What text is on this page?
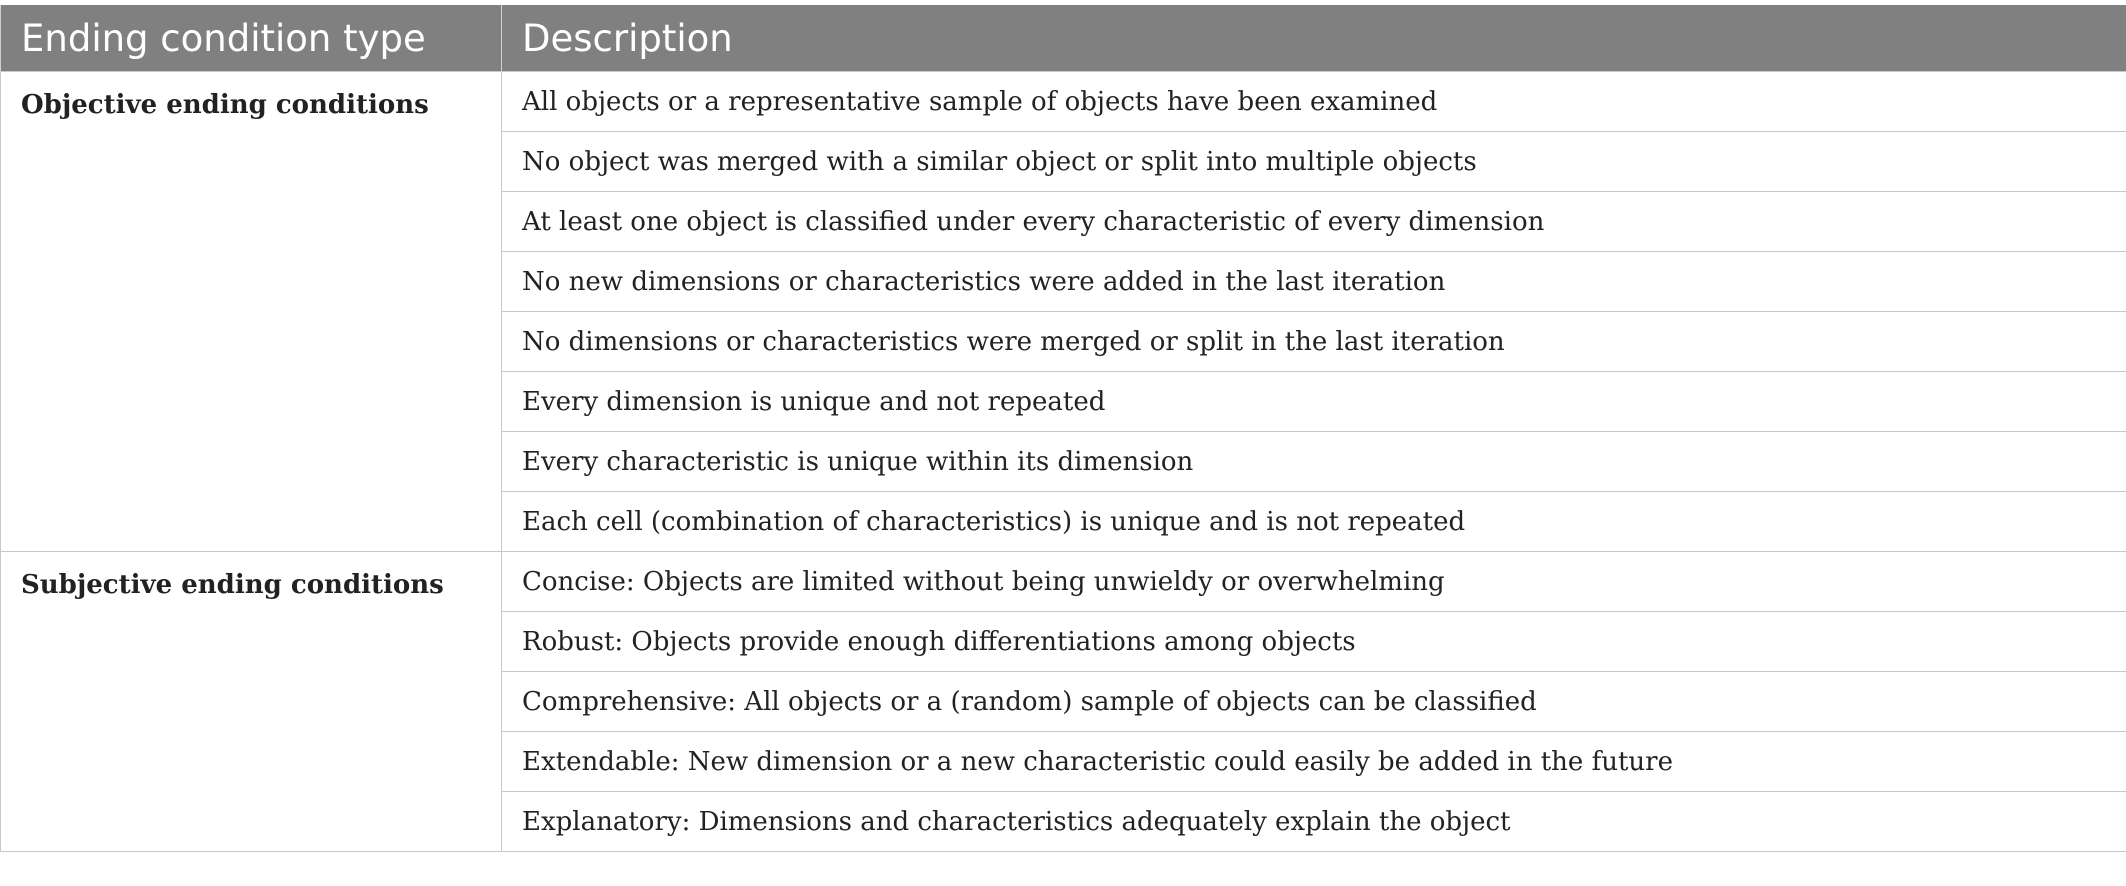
Ending condition type	Description
Objective ending conditions	All objects or a representative sample of objects have been examined
	No object was merged with a similar object or split into multiple objects
	At least one object is classified under every characteristic of every dimension
	No new dimensions or characteristics were added in the last iteration
	No dimensions or characteristics were merged or split in the last iteration
	Every dimension is unique and not repeated
	Every characteristic is unique within its dimension
	Each cell (combination of characteristics) is unique and is not repeated
Subjective ending conditions	Concise: Objects are limited without being unwieldy or overwhelming
	Robust: Objects provide enough differentiations among objects
	Comprehensive: All objects or a (random) sample of objects can be classified
	Extendable: New dimension or a new characteristic could easily be added in the future
	Explanatory: Dimensions and characteristics adequately explain the object
